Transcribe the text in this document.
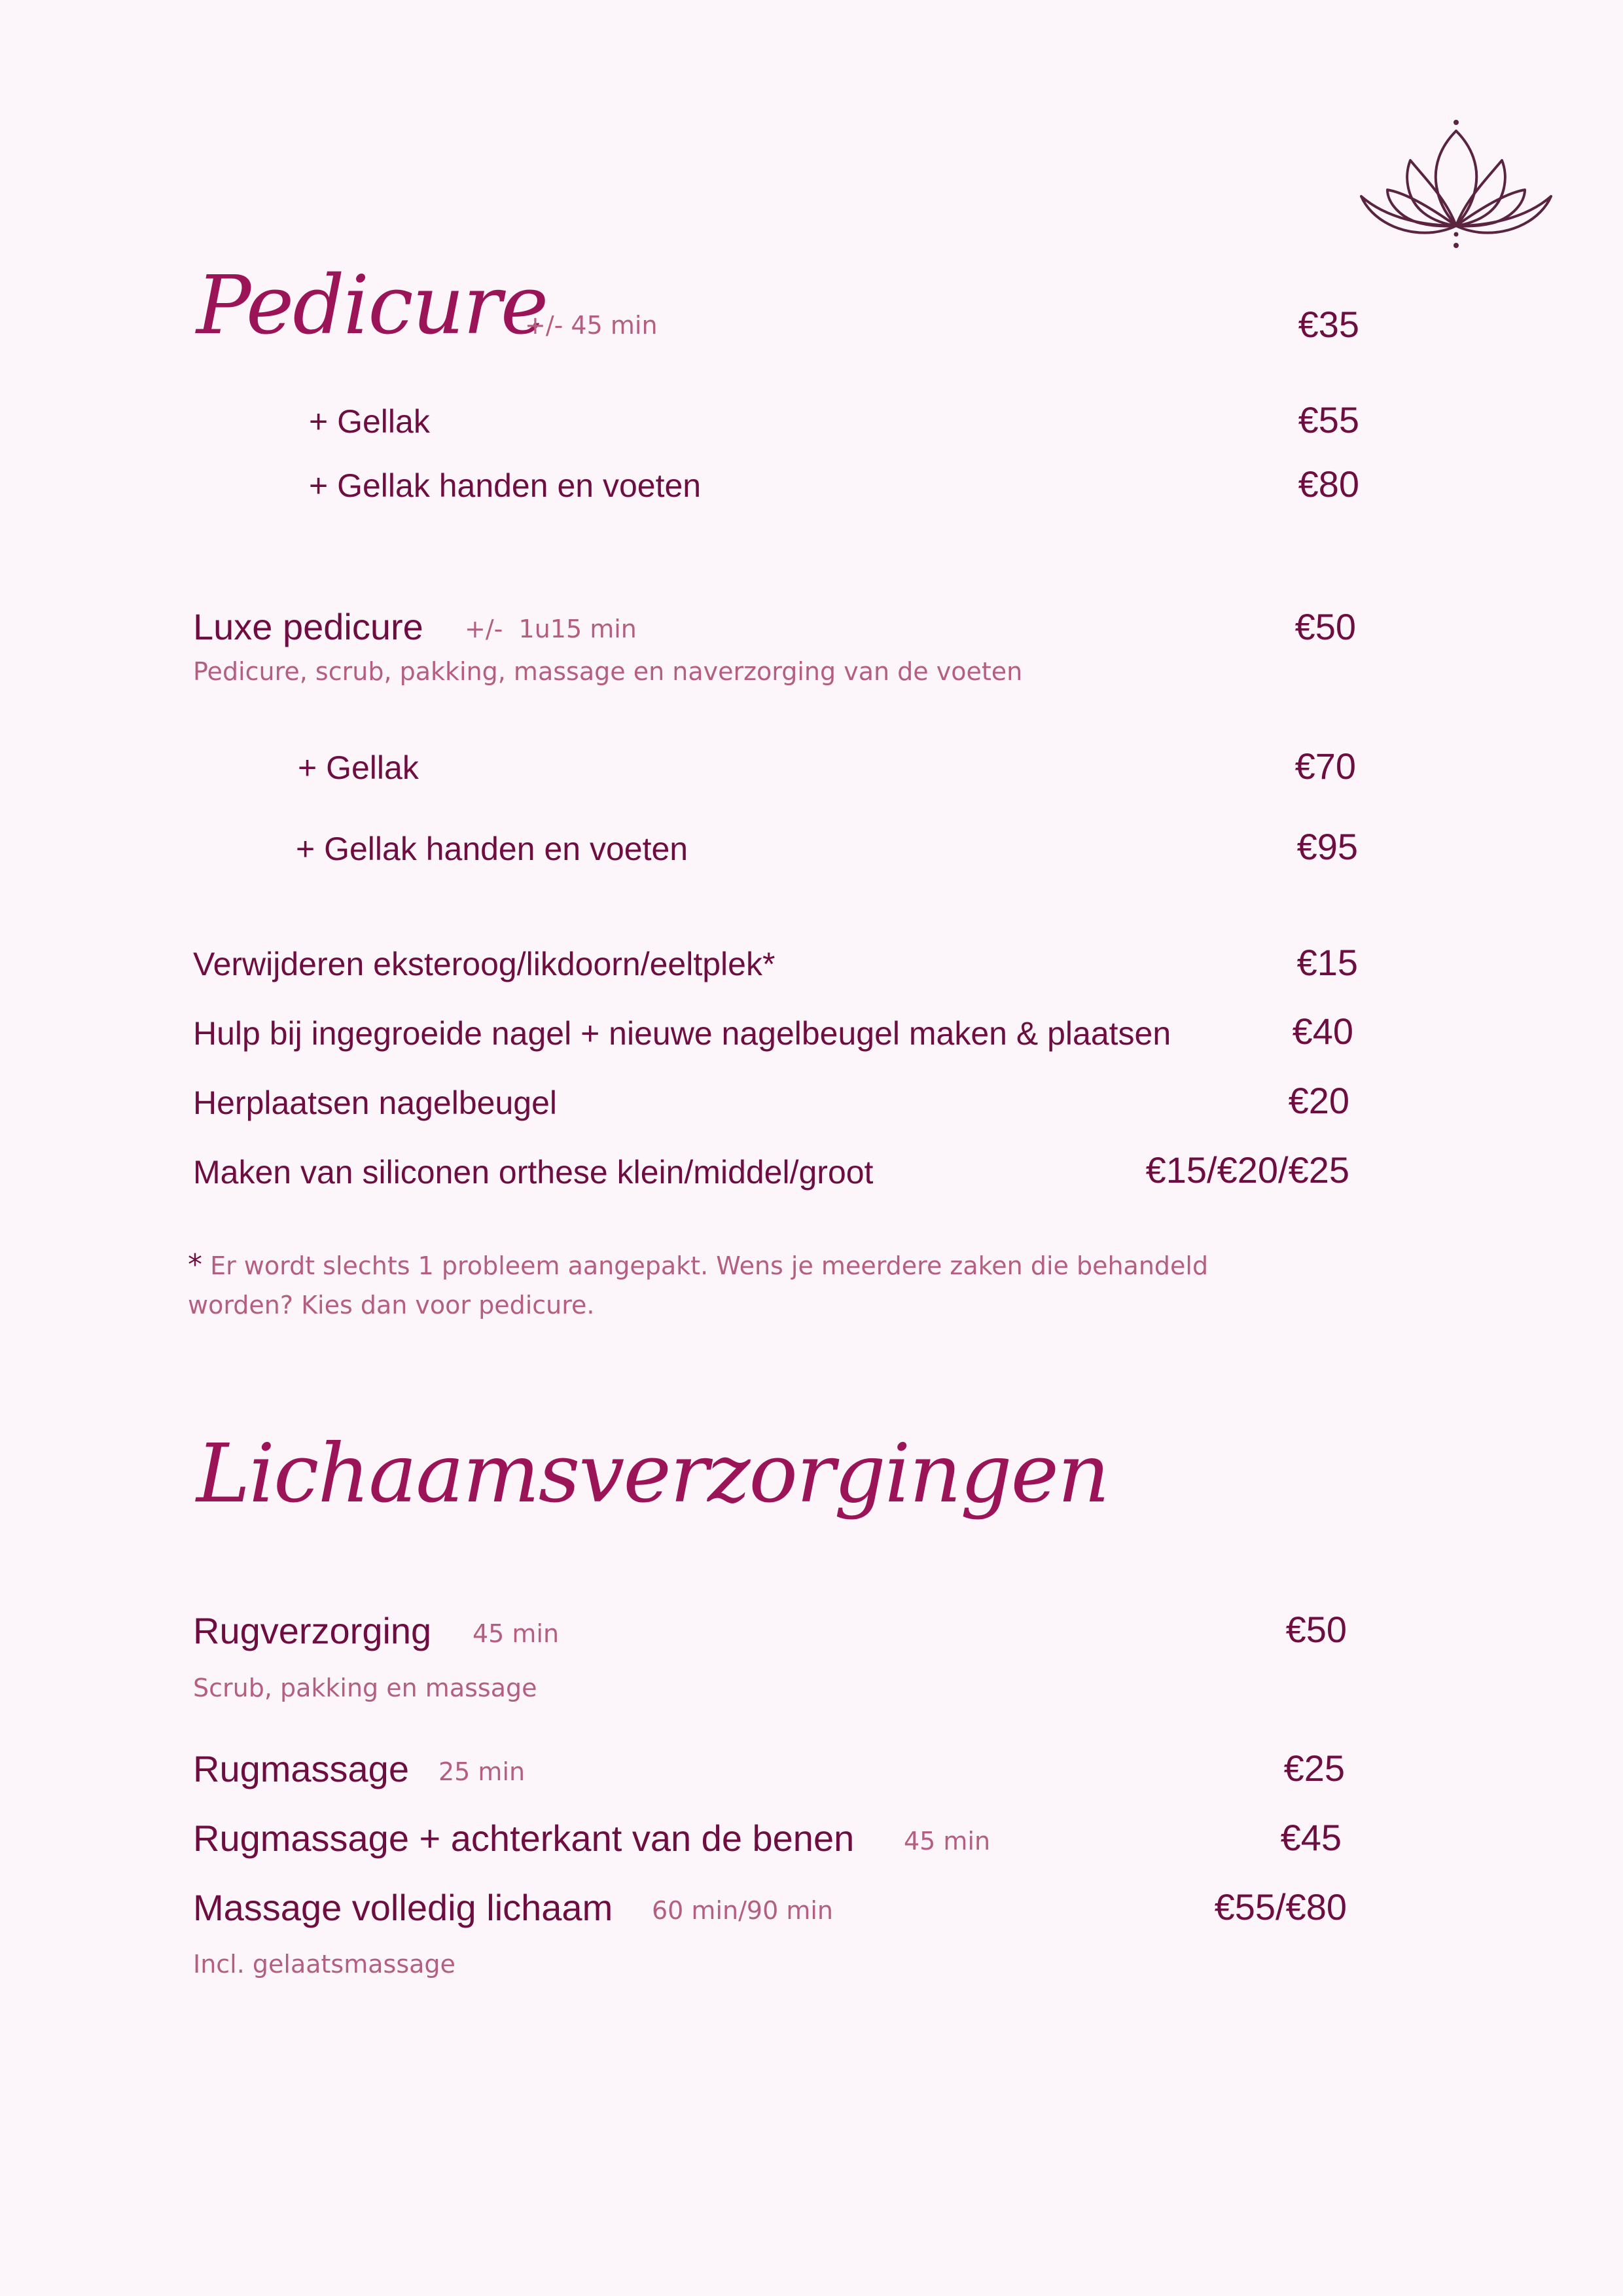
Pedicure
+/- 45 min	€35
+ Gellak	€55
+ Gellak handen en voeten	€80
Luxe pedicure +/-  1u15 min	€50
Pedicure, scrub, pakking, massage en naverzorging van de voeten
+ Gellak	€70
+ Gellak handen en voeten	€95
Verwijderen eksteroog/likdoorn/eeltplek*	€15
Hulp bij ingegroeide nagel + nieuwe nagelbeugel maken & plaatsen	€40
Herplaatsen nagelbeugel	€20
Maken van siliconen orthese klein/middel/groot	€15/€20/€25
* Er wordt slechts 1 probleem aangepakt. Wens je meerdere zaken die behandeld worden? Kies dan voor pedicure.
Lichaamsverzorgingen
Rugverzorging 45 min	€50
Scrub, pakking en massage
Rugmassage 25 min	€25
Rugmassage + achterkant van de benen 45 min	€45
Massage volledig lichaam 60 min/90 min	€55/€80
Incl. gelaatsmassage
